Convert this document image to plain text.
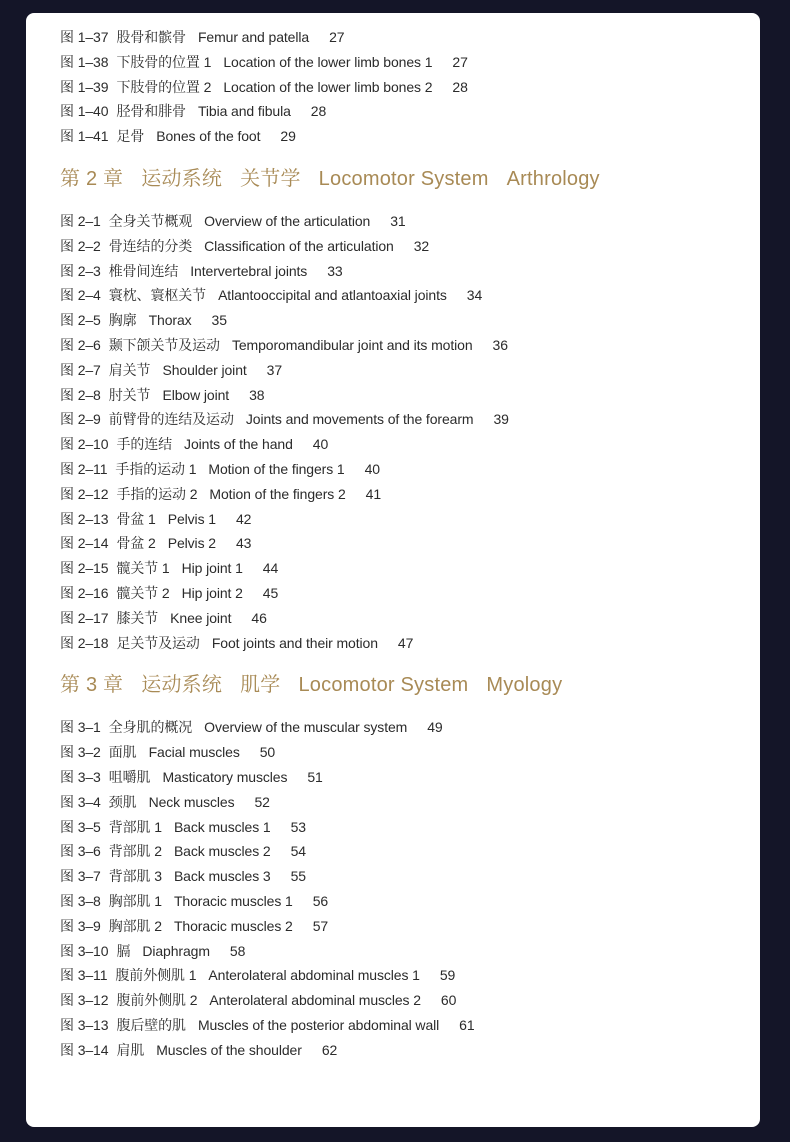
图 1–37 股骨和髌骨 Femur and patella 27
图 1–38 下肢骨的位置 1 Location of the lower limb bones 1 27
图 1–39 下肢骨的位置 2 Location of the lower limb bones 2 28
图 1–40 胫骨和腓骨 Tibia and fibula 28
图 1–41 足骨 Bones of the foot 29
第 2 章 运动系统 关节学 Locomotor System Arthrology
图 2–1 全身关节概观 Overview of the articulation 31
图 2–2 骨连结的分类 Classification of the articulation 32
图 2–3 椎骨间连结 Intervertebral joints 33
图 2–4 寰枕、寰枢关节 Atlantooccipital and atlantoaxial joints 34
图 2–5 胸廓 Thorax 35
图 2–6 颞下颌关节及运动 Temporomandibular joint and its motion 36
图 2–7 肩关节 Shoulder joint 37
图 2–8 肘关节 Elbow joint 38
图 2–9 前臂骨的连结及运动 Joints and movements of the forearm 39
图 2–10 手的连结 Joints of the hand 40
图 2–11 手指的运动 1 Motion of the fingers 1 40
图 2–12 手指的运动 2 Motion of the fingers 2 41
图 2–13 骨盆 1 Pelvis 1 42
图 2–14 骨盆 2 Pelvis 2 43
图 2–15 髋关节 1 Hip joint 1 44
图 2–16 髋关节 2 Hip joint 2 45
图 2–17 膝关节 Knee joint 46
图 2–18 足关节及运动 Foot joints and their motion 47
第 3 章 运动系统 肌学 Locomotor System Myology
图 3–1 全身肌的概况 Overview of the muscular system 49
图 3–2 面肌 Facial muscles 50
图 3–3 咀嚼肌 Masticatory muscles 51
图 3–4 颈肌 Neck muscles 52
图 3–5 背部肌 1 Back muscles 1 53
图 3–6 背部肌 2 Back muscles 2 54
图 3–7 背部肌 3 Back muscles 3 55
图 3–8 胸部肌 1 Thoracic muscles 1 56
图 3–9 胸部肌 2 Thoracic muscles 2 57
图 3–10 膈 Diaphragm 58
图 3–11 腹前外侧肌 1 Anterolateral abdominal muscles 1 59
图 3–12 腹前外侧肌 2 Anterolateral abdominal muscles 2 60
图 3–13 腹后壁的肌 Muscles of the posterior abdominal wall 61
图 3–14 肩肌 Muscles of the shoulder 62
